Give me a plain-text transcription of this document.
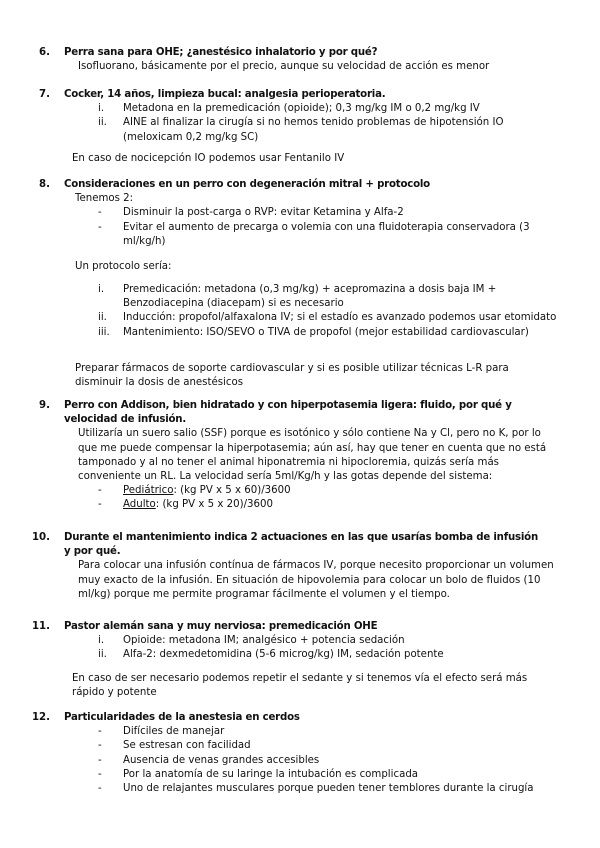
6.	Perra sana para OHE; ¿anestésico inhalatorio y por qué?
Isofluorano, básicamente por el precio, aunque su velocidad de acción es menor
7.	Cocker, 14 años, limpieza bucal: analgesia perioperatoria.
i.	Metadona en la premedicación (opioide); 0,3 mg/kg IM o 0,2 mg/kg IV
ii.	AINE al finalizar la cirugía si no hemos tenido problemas de hipotensión IO (meloxicam 0,2 mg/kg SC)
En caso de nocicepción IO podemos usar Fentanilo IV
8.	Consideraciones en un perro con degeneración mitral + protocolo
Tenemos 2:
-	Disminuir la post-carga o RVP: evitar Ketamina y Alfa-2
-	Evitar el aumento de precarga o volemia con una fluidoterapia conservadora (3 ml/kg/h)
Un protocolo sería:
i.	Premedicación: metadona (o,3 mg/kg) + acepromazina a dosis baja IM + Benzodiacepina (diacepam) si es necesario
ii.	Inducción: propofol/alfaxalona IV; si el estadío es avanzado podemos usar etomidato
iii.	Mantenimiento: ISO/SEVO o TIVA de propofol (mejor estabilidad cardiovascular)
Preparar fármacos de soporte cardiovascular y si es posible utilizar técnicas L-R para disminuir la dosis de anestésicos
9.	Perro con Addison, bien hidratado y con hiperpotasemia ligera: fluido, por qué y velocidad de infusión.
Utilizaría un suero salio (SSF) porque es isotónico y sólo contiene Na y Cl, pero no K, por lo que me puede compensar la hiperpotasemia; aún así, hay que tener en cuenta que no está tamponado y al no tener el animal hiponatremia ni hipocloremia, quizás sería más conveniente un RL. La velocidad sería 5ml/Kg/h y las gotas depende del sistema:
-	Pediátrico: (kg PV x 5 x 60)/3600
-	Adulto: (kg PV x 5 x 20)/3600
10.	Durante el mantenimiento indica 2 actuaciones en las que usarías bomba de infusión y por qué.
Para colocar una infusión contínua de fármacos IV, porque necesito proporcionar un volumen muy exacto de la infusión. En situación de hipovolemia para colocar un bolo de fluidos (10 ml/kg) porque me permite programar fácilmente el volumen y el tiempo.
11.	Pastor alemán sana y muy nerviosa: premedicación OHE
i.	Opioide: metadona IM; analgésico + potencia sedación
ii.	Alfa-2: dexmedetomidina (5-6 microg/kg) IM, sedación potente
En caso de ser necesario podemos repetir el sedante y si tenemos vía el efecto será más rápido y potente
12.	Particularidades de la anestesia en cerdos
-	Difíciles de manejar
-	Se estresan con facilidad
-	Ausencia de venas grandes accesibles
-	Por la anatomía de su laringe la intubación es complicada
-	Uno de relajantes musculares porque pueden tener temblores durante la cirugía
